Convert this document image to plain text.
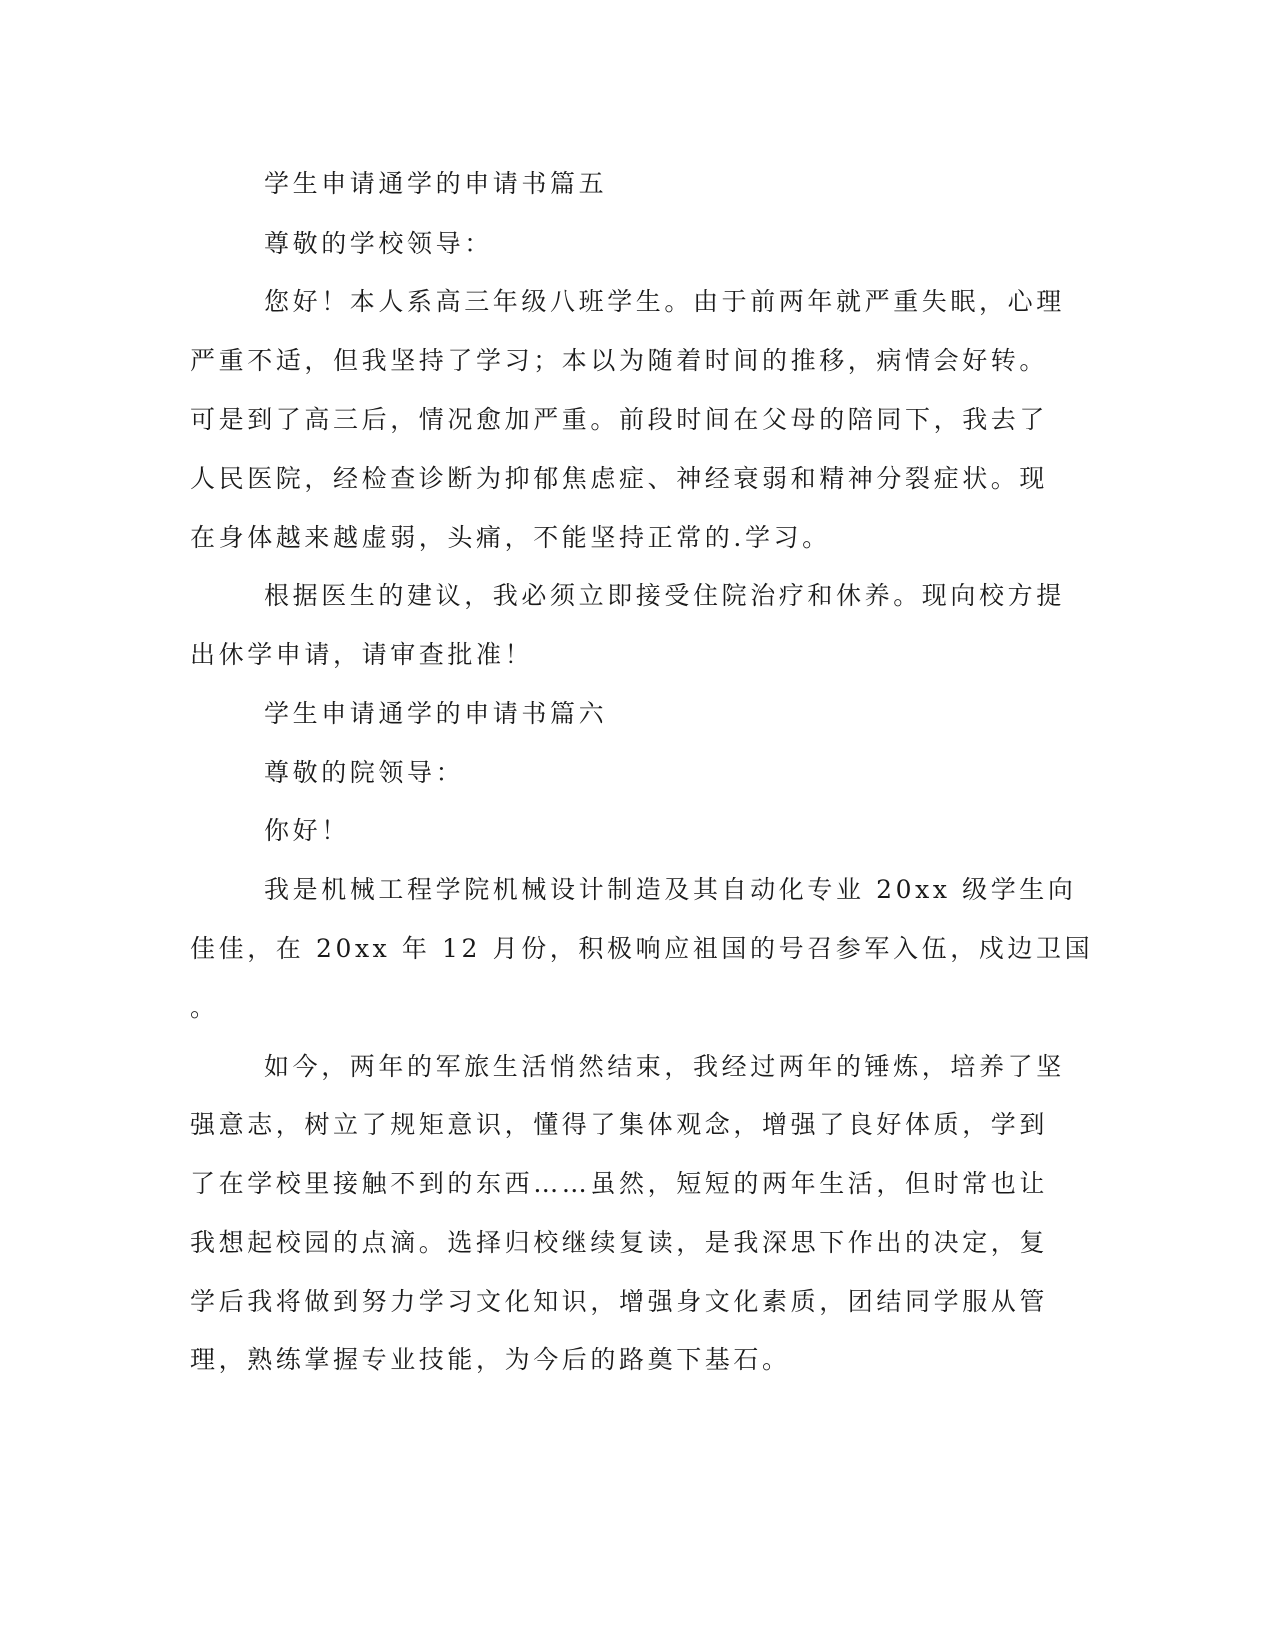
学生申请通学的申请书篇五
尊敬的学校领导：
您好！本人系高三年级八班学生。由于前两年就严重失眠，心理
严重不适，但我坚持了学习；本以为随着时间的推移，病情会好转。
可是到了高三后，情况愈加严重。前段时间在父母的陪同下，我去了
人民医院，经检查诊断为抑郁焦虑症、神经衰弱和精神分裂症状。现
在身体越来越虚弱，头痛，不能坚持正常的.学习。
根据医生的建议，我必须立即接受住院治疗和休养。现向校方提
出休学申请，请审查批准！
学生申请通学的申请书篇六
尊敬的院领导：
你好！
我是机械工程学院机械设计制造及其自动化专业 20xx 级学生向
佳佳，在 20xx 年 12 月份，积极响应祖国的号召参军入伍，戍边卫国
。
如今，两年的军旅生活悄然结束，我经过两年的锤炼，培养了坚
强意志，树立了规矩意识，懂得了集体观念，增强了良好体质，学到
了在学校里接触不到的东西……虽然，短短的两年生活，但时常也让
我想起校园的点滴。选择归校继续复读，是我深思下作出的决定，复
学后我将做到努力学习文化知识，增强身文化素质，团结同学服从管
理，熟练掌握专业技能，为今后的路奠下基石。
